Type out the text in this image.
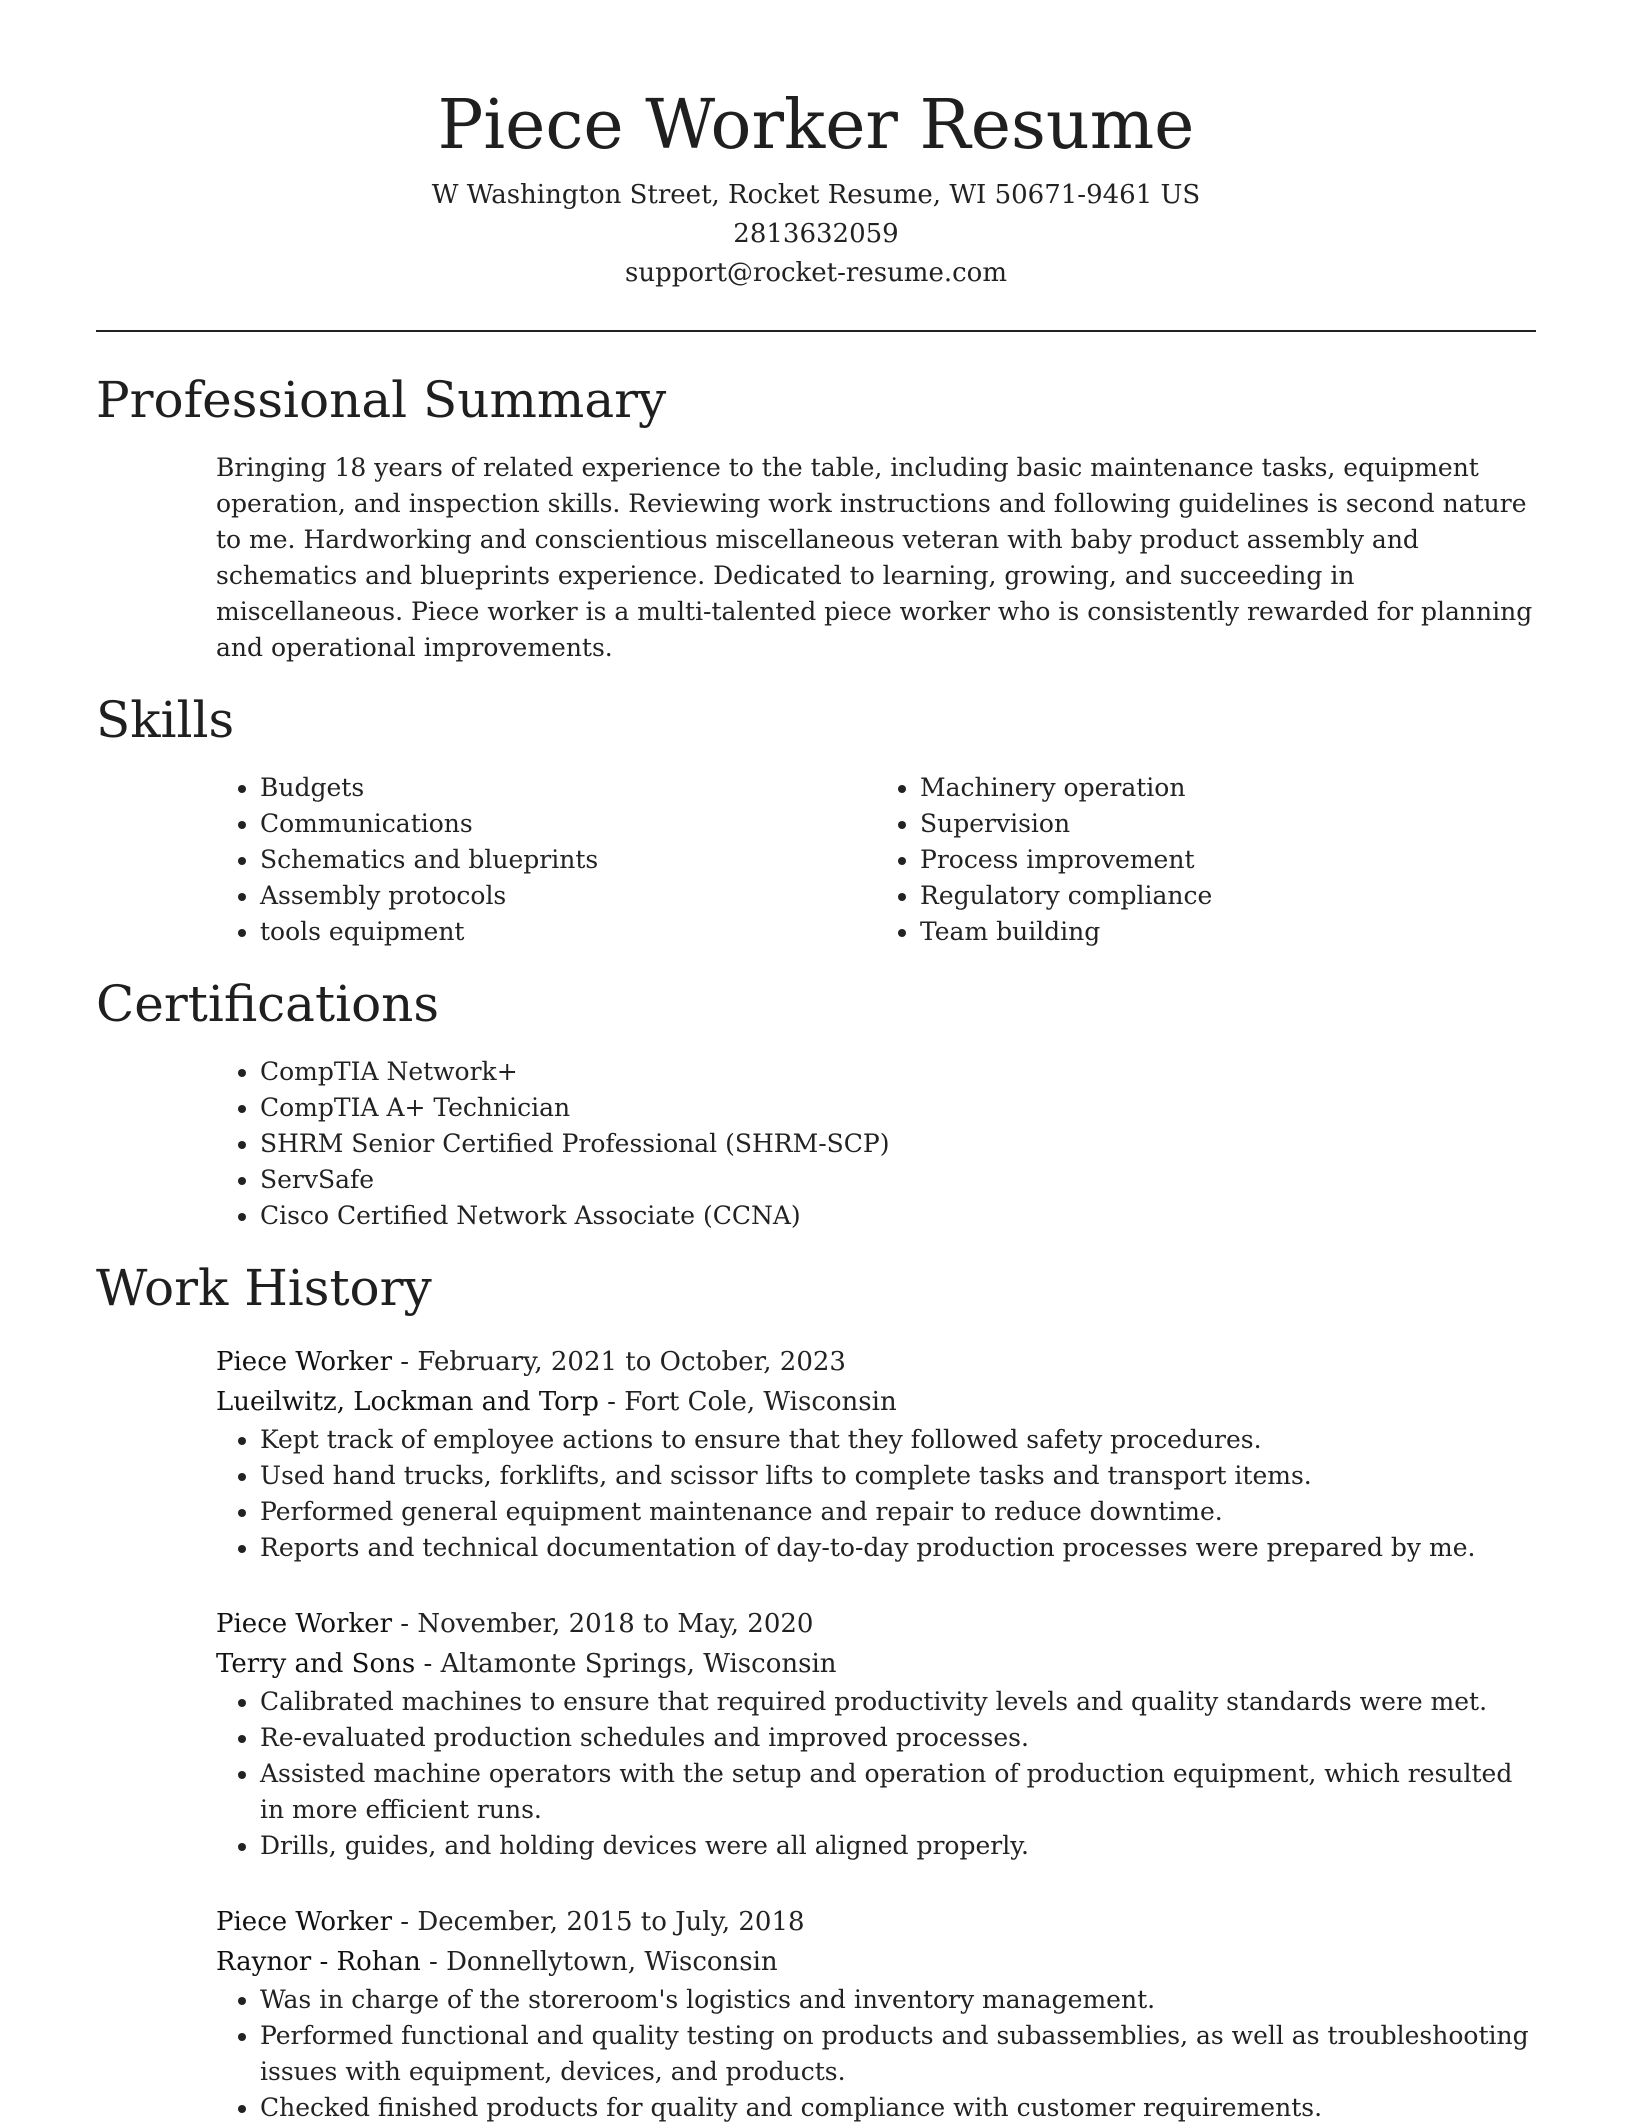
Piece Worker Resume
W Washington Street, Rocket Resume, WI 50671-9461 US
2813632059
support@rocket-resume.com
Professional Summary

Bringing 18 years of related experience to the table, including basic maintenance tasks, equipment operation, and inspection skills. Reviewing work instructions and following guidelines is second nature to me. Hardworking and conscientious miscellaneous veteran with baby product assembly and schematics and blueprints experience. Dedicated to learning, growing, and succeeding in miscellaneous. Piece worker is a multi-talented piece worker who is consistently rewarded for planning and operational improvements.

Skills
• Budgets
• Communications
• Schematics and blueprints
• Assembly protocols
• tools equipment
• Machinery operation
• Supervision
• Process improvement
• Regulatory compliance
• Team building
Certifications
• CompTIA Network+
• CompTIA A+ Technician
• SHRM Senior Certified Professional (SHRM-SCP)
• ServSafe
• Cisco Certified Network Associate (CCNA)
Work History
Piece Worker - February, 2021 to October, 2023
Lueilwitz, Lockman and Torp - Fort Cole, Wisconsin
• Kept track of employee actions to ensure that they followed safety procedures.
• Used hand trucks, forklifts, and scissor lifts to complete tasks and transport items.
• Performed general equipment maintenance and repair to reduce downtime.
• Reports and technical documentation of day-to-day production processes were prepared by me.
Piece Worker - November, 2018 to May, 2020
Terry and Sons - Altamonte Springs, Wisconsin
• Calibrated machines to ensure that required productivity levels and quality standards were met.
• Re-evaluated production schedules and improved processes.
• Assisted machine operators with the setup and operation of production equipment, which resulted in more efficient runs.
• Drills, guides, and holding devices were all aligned properly.
Piece Worker - December, 2015 to July, 2018
Raynor - Rohan - Donnellytown, Wisconsin
• Was in charge of the storeroom's logistics and inventory management.
• Performed functional and quality testing on products and subassemblies, as well as troubleshooting issues with equipment, devices, and products.
• Checked finished products for quality and compliance with customer requirements.
